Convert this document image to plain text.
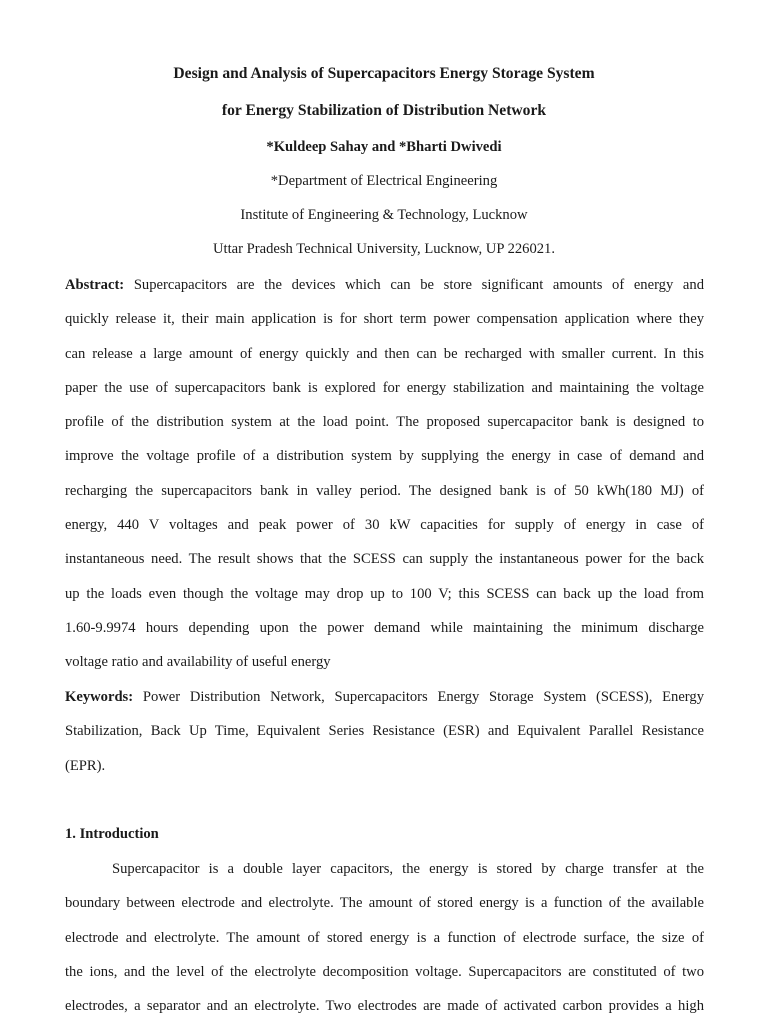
Design and Analysis of Supercapacitors Energy Storage System
for Energy Stabilization of Distribution Network
*Kuldeep Sahay and *Bharti Dwivedi
*Department of Electrical Engineering
Institute of Engineering & Technology, Lucknow
Uttar Pradesh Technical University, Lucknow, UP 226021.
Abstract: Supercapacitors are the devices which can be store significant amounts of energy and
quickly release it, their main application is for short term power compensation application where they
can release a large amount of energy quickly and then can be recharged with smaller current. In this
paper the use of supercapacitors bank is explored for energy stabilization and maintaining the voltage
profile of the distribution system at the load point. The proposed supercapacitor bank is designed to
improve the voltage profile of a distribution system by supplying the energy in case of demand and
recharging the supercapacitors bank in valley period. The designed bank is of 50 kWh(180 MJ) of
energy, 440 V voltages and peak power of 30 kW capacities for supply of energy in case of
instantaneous need. The result shows that the SCESS can supply the instantaneous power for the back
up the loads even though the voltage may drop up to 100 V; this SCESS can back up the load from
1.60-9.9974 hours depending upon the power demand while maintaining the minimum discharge
voltage ratio and availability of useful energy
Keywords: Power Distribution Network, Supercapacitors Energy Storage System (SCESS), Energy
Stabilization, Back Up Time, Equivalent Series Resistance (ESR) and Equivalent Parallel Resistance
(EPR).
1. Introduction
Supercapacitor is a double layer capacitors, the energy is stored by charge transfer at the
boundary between electrode and electrolyte. The amount of stored energy is a function of the available
electrode and electrolyte. The amount of stored energy is a function of electrode surface, the size of
the ions, and the level of the electrolyte decomposition voltage. Supercapacitors are constituted of two
electrodes, a separator and an electrolyte. Two electrodes are made of activated carbon provides a high
